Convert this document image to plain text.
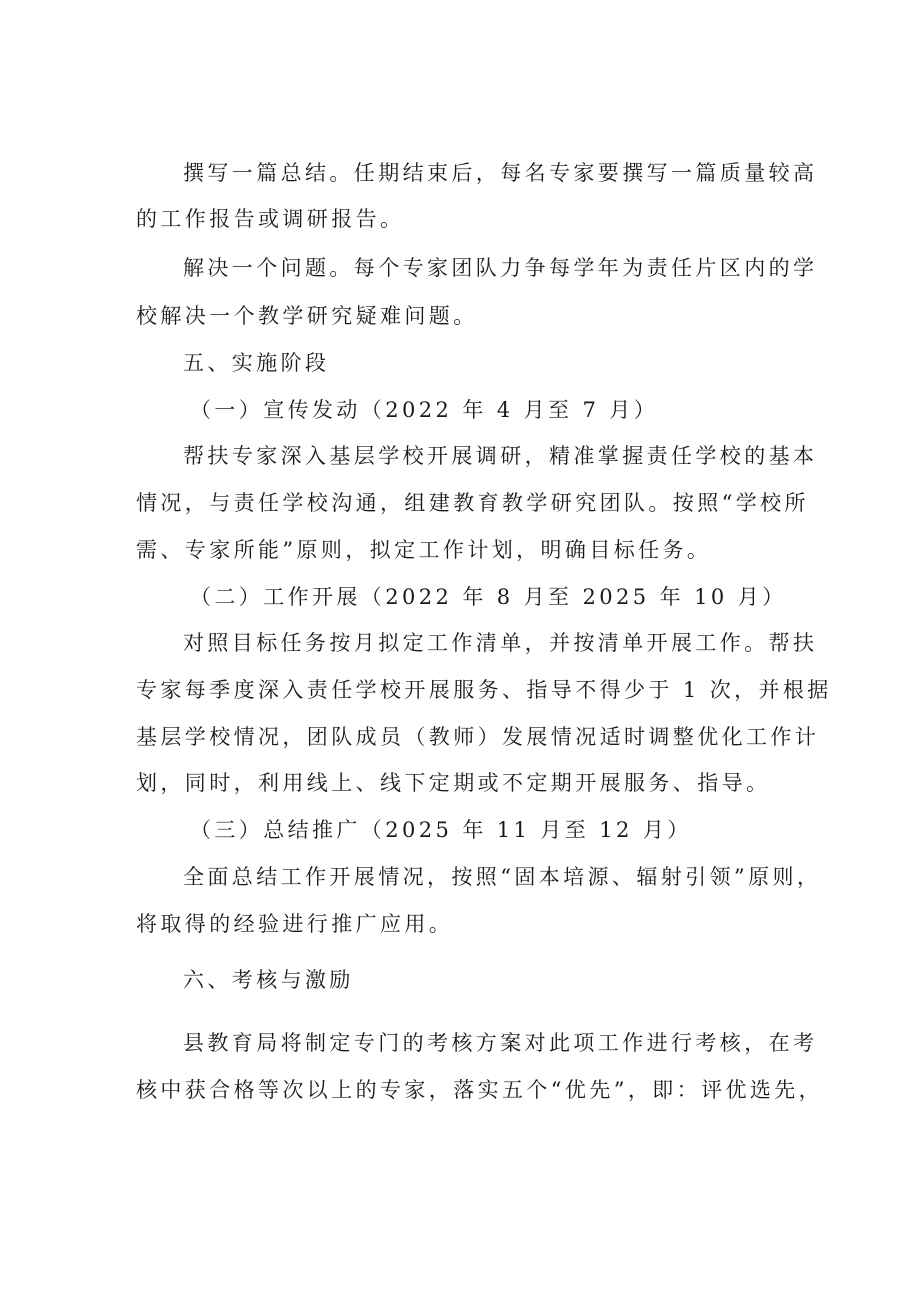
撰写一篇总结。任期结束后，每名专家要撰写一篇质量较高
的工作报告或调研报告。
解决一个问题。每个专家团队力争每学年为责任片区内的学
校解决一个教学研究疑难问题。
五、实施阶段
（一）宣传发动（2022 年 4 月至 7 月）
帮扶专家深入基层学校开展调研，精准掌握责任学校的基本
情况，与责任学校沟通，组建教育教学研究团队。按照“学校所
需、专家所能”原则，拟定工作计划，明确目标任务。
（二）工作开展（2022 年 8 月至 2025 年 10 月）
对照目标任务按月拟定工作清单，并按清单开展工作。帮扶
专家每季度深入责任学校开展服务、指导不得少于 1 次，并根据
基层学校情况，团队成员（教师）发展情况适时调整优化工作计
划，同时，利用线上、线下定期或不定期开展服务、指导。
（三）总结推广（2025 年 11 月至 12 月）
全面总结工作开展情况，按照“固本培源、辐射引领”原则，
将取得的经验进行推广应用。
六、考核与激励
县教育局将制定专门的考核方案对此项工作进行考核，在考
核中获合格等次以上的专家，落实五个“优先”，即：评优选先，
